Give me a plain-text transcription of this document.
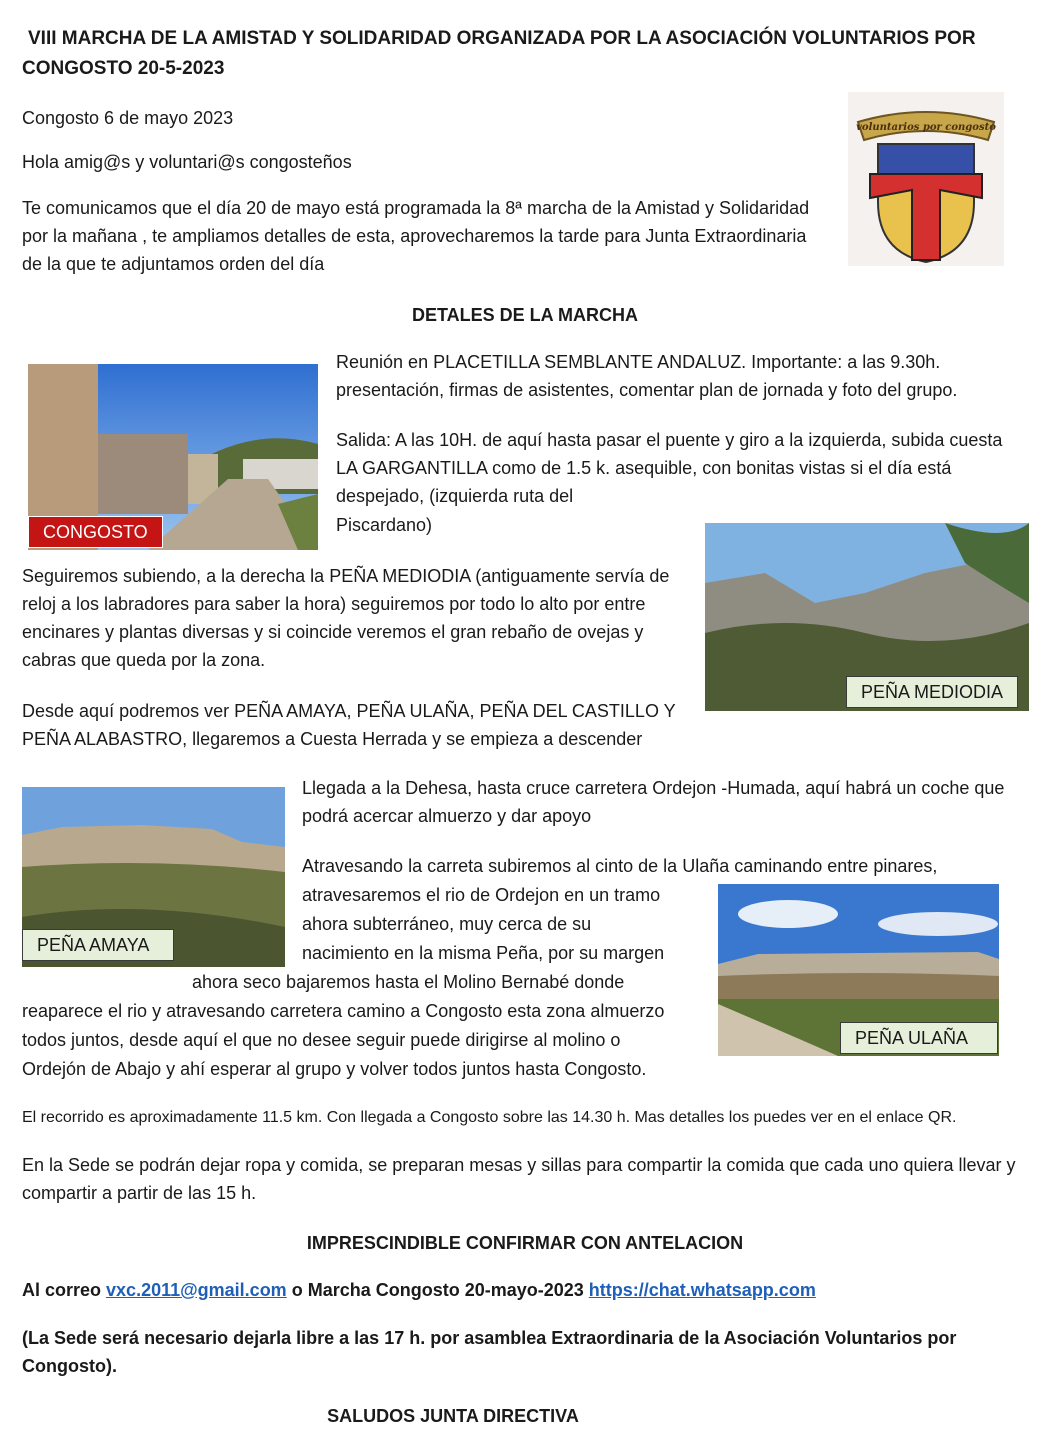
VIII MARCHA DE LA AMISTAD Y SOLIDARIDAD ORGANIZADA POR LA ASOCIACIÓN VOLUNTARIOS POR CONGOSTO 20-5-2023
Congosto 6 de mayo 2023
Hola amig@s y voluntari@s congosteños
Te comunicamos que el día 20 de mayo está programada la 8ª marcha de la Amistad y Solidaridad por la mañana , te ampliamos detalles de esta, aprovecharemos la tarde para Junta Extraordinaria de la que te adjuntamos orden del día
voluntarios por congosto
DETALES DE LA MARCHA
CONGOSTO
Reunión en PLACETILLA SEMBLANTE ANDALUZ. Importante: a las 9.30h. presentación, firmas de asistentes, comentar plan de jornada y foto del grupo.
Salida: A las 10H. de aquí hasta pasar el puente y giro a la izquierda, subida cuesta LA GARGANTILLA como de 1.5 k. asequible, con bonitas vistas si el día está despejado, (izquierda ruta del
Piscardano)
PEÑA MEDIODIA
Seguiremos subiendo, a la derecha la PEÑA MEDIODIA (antiguamente servía de reloj a los labradores para saber la hora) seguiremos por todo lo alto por entre encinares y plantas diversas y si coincide veremos el gran rebaño de ovejas y cabras que queda por la zona.
Desde aquí podremos ver PEÑA AMAYA, PEÑA ULAÑA, PEÑA DEL CASTILLO Y PEÑA ALABASTRO, llegaremos a Cuesta Herrada y se empieza a descender
PEÑA AMAYA
Llegada a la Dehesa, hasta cruce carretera Ordejon -Humada, aquí habrá un coche que podrá acercar almuerzo y dar apoyo
Atravesando la carreta subiremos al cinto de la Ulaña caminando entre pinares,
atravesaremos el rio de Ordejon en un tramo
ahora subterráneo, muy cerca de su
nacimiento en la misma Peña, por su margen
ahora seco bajaremos hasta el Molino Bernabé donde
reaparece el rio y atravesando carretera camino a Congosto esta zona almuerzo
todos juntos, desde aquí el que no desee seguir puede dirigirse al molino o
Ordejón de Abajo y ahí esperar al grupo y volver todos juntos hasta Congosto.
PEÑA ULAÑA
El recorrido es aproximadamente 11.5 km. Con llegada a Congosto sobre las 14.30 h. Mas detalles los puedes ver en el enlace QR.
En la Sede se podrán dejar ropa y comida, se preparan mesas y sillas para compartir la comida que cada uno quiera llevar y compartir a partir de las 15 h.
IMPRESCINDIBLE CONFIRMAR CON ANTELACION
Al correo vxc.2011@gmail.com o Marcha Congosto 20-mayo-2023 https://chat.whatsapp.com
(La Sede será necesario dejarla libre a las 17 h. por asamblea Extraordinaria de la Asociación Voluntarios por Congosto).
SALUDOS JUNTA DIRECTIVA
